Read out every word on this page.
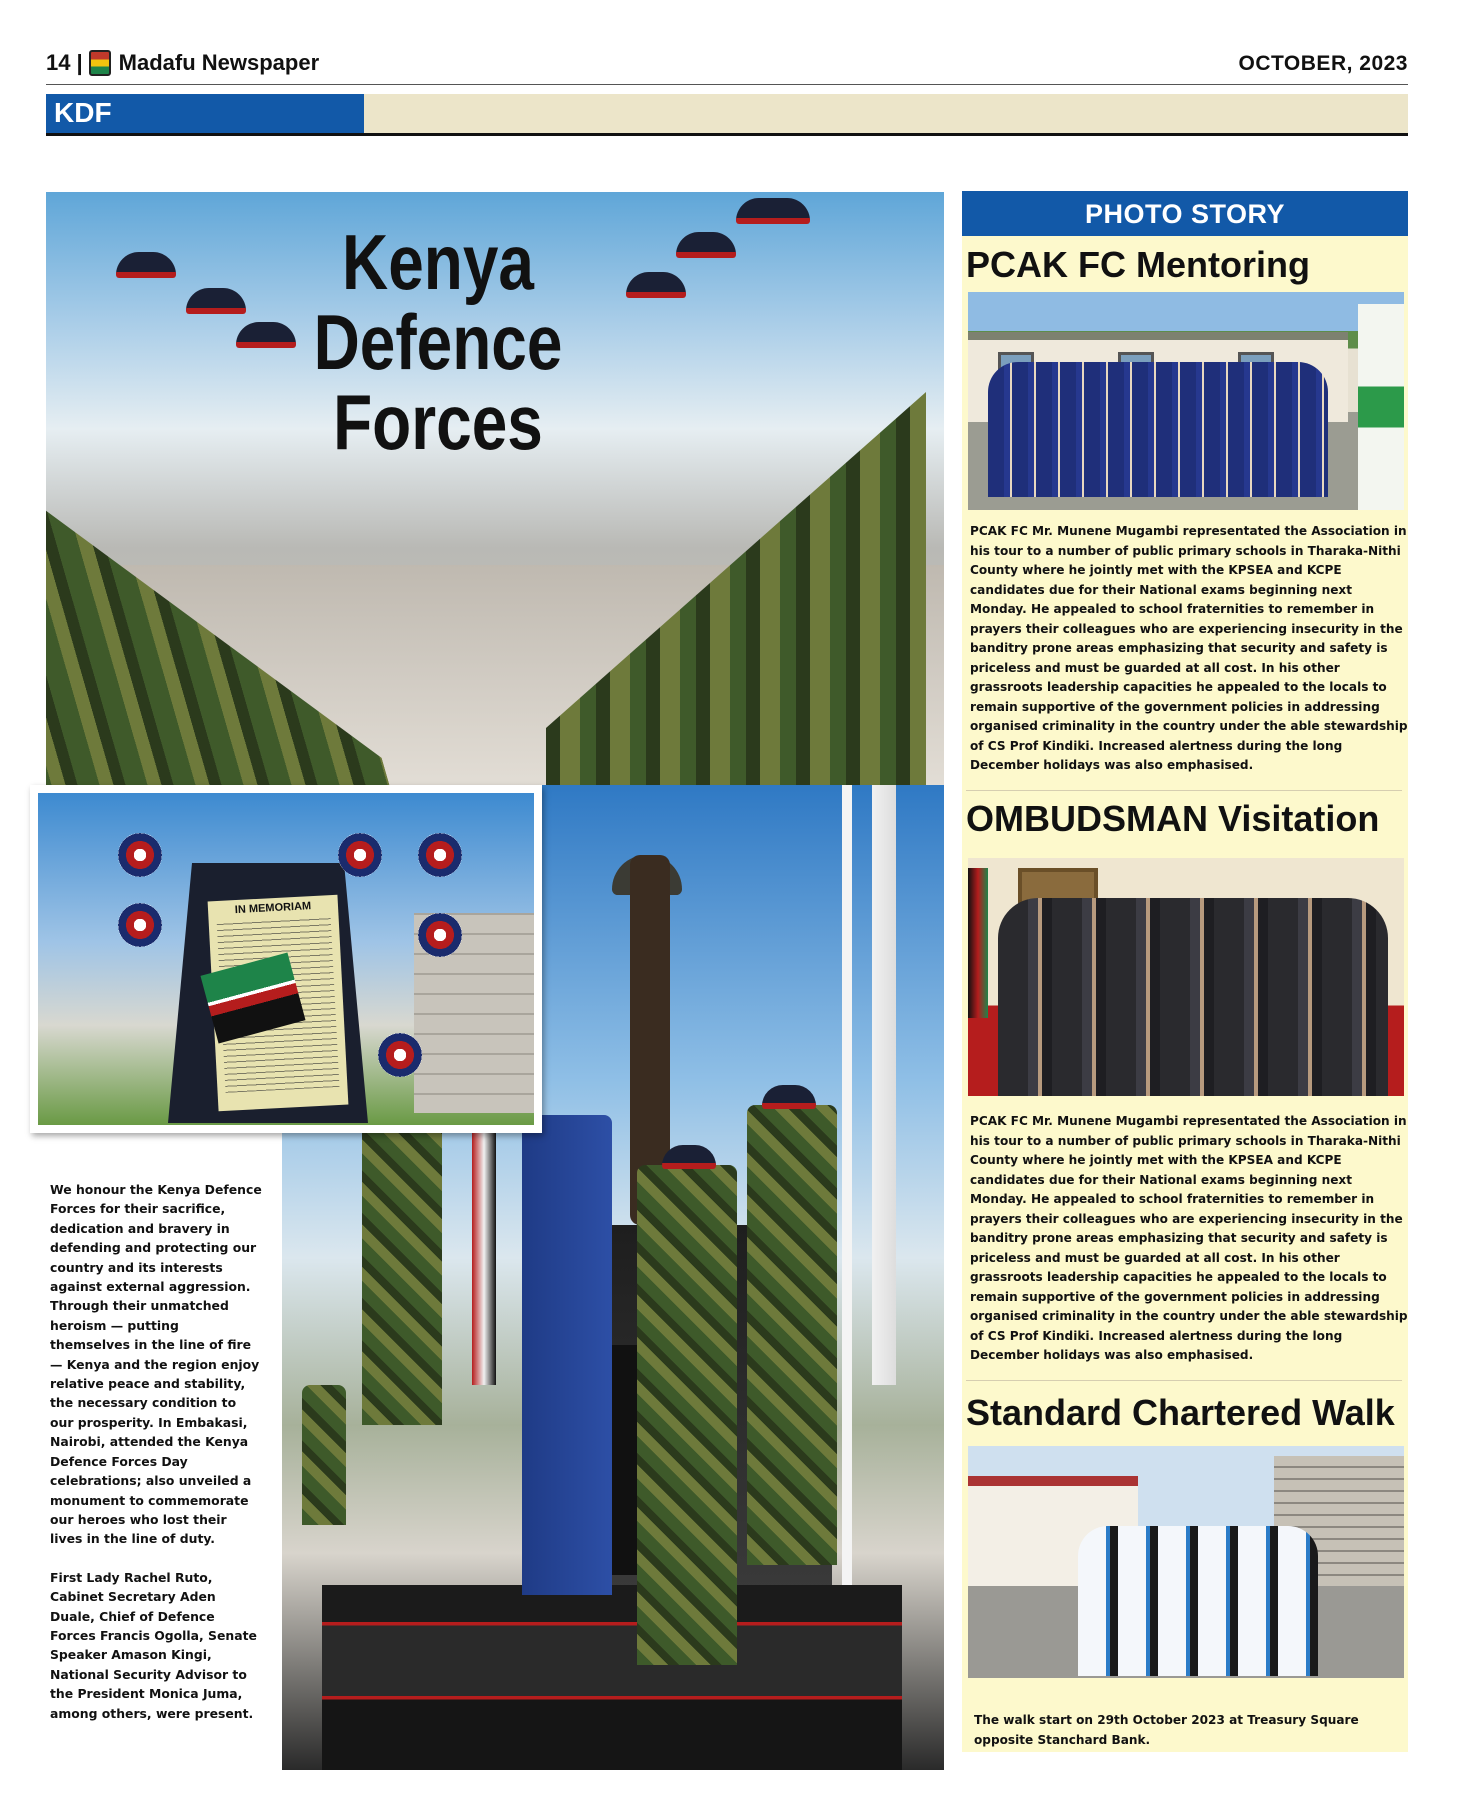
14 | Madafu Newspaper	OCTOBER, 2023
KDF
Kenya
Defence
Forces
IN MEMORIAM

We honour the Kenya Defence Forces for their sacrifice, dedication and bravery in defending and protecting our country and its interests against external aggression. Through their unmatched heroism — putting themselves in the line of fire — Kenya and the region enjoy relative peace and stability, the necessary condition to our prosperity. In Embakasi, Nairobi, attended the Kenya Defence Forces Day celebrations; also unveiled a monument to commemorate our heroes who lost their lives in the line of duty.

First Lady Rachel Ruto, Cabinet Secretary Aden Duale, Chief of Defence Forces Francis Ogolla, Senate Speaker Amason Kingi, National Security Advisor to the President Monica Juma, among others, were present.

PHOTO STORY
PCAK FC Mentoring
PCAK FC Mr. Munene Mugambi representated the Association in his tour to a number of public primary schools in Tharaka-Nithi County where he jointly met with the KPSEA and KCPE candidates due for their National exams beginning next Monday. He appealed to school fraternities to remember in prayers their colleagues who are experiencing insecurity in the banditry prone areas emphasizing that security and safety is priceless and must be guarded at all cost. In his other grassroots leadership capacities he appealed to the locals to remain supportive of the government policies in addressing organised criminality in the country under the able stewardship of CS Prof Kindiki. Increased alertness during the long December holidays was also emphasised.
OMBUDSMAN Visitation
PCAK FC Mr. Munene Mugambi representated the Association in his tour to a number of public primary schools in Tharaka-Nithi County where he jointly met with the KPSEA and KCPE candidates due for their National exams beginning next Monday. He appealed to school fraternities to remember in prayers their colleagues who are experiencing insecurity in the banditry prone areas emphasizing that security and safety is priceless and must be guarded at all cost. In his other grassroots leadership capacities he appealed to the locals to remain supportive of the government policies in addressing organised criminality in the country under the able stewardship of CS Prof Kindiki. Increased alertness during the long December holidays was also emphasised.
Standard Chartered Walk
The walk start on 29th October 2023 at Treasury Square opposite Stanchard Bank.
